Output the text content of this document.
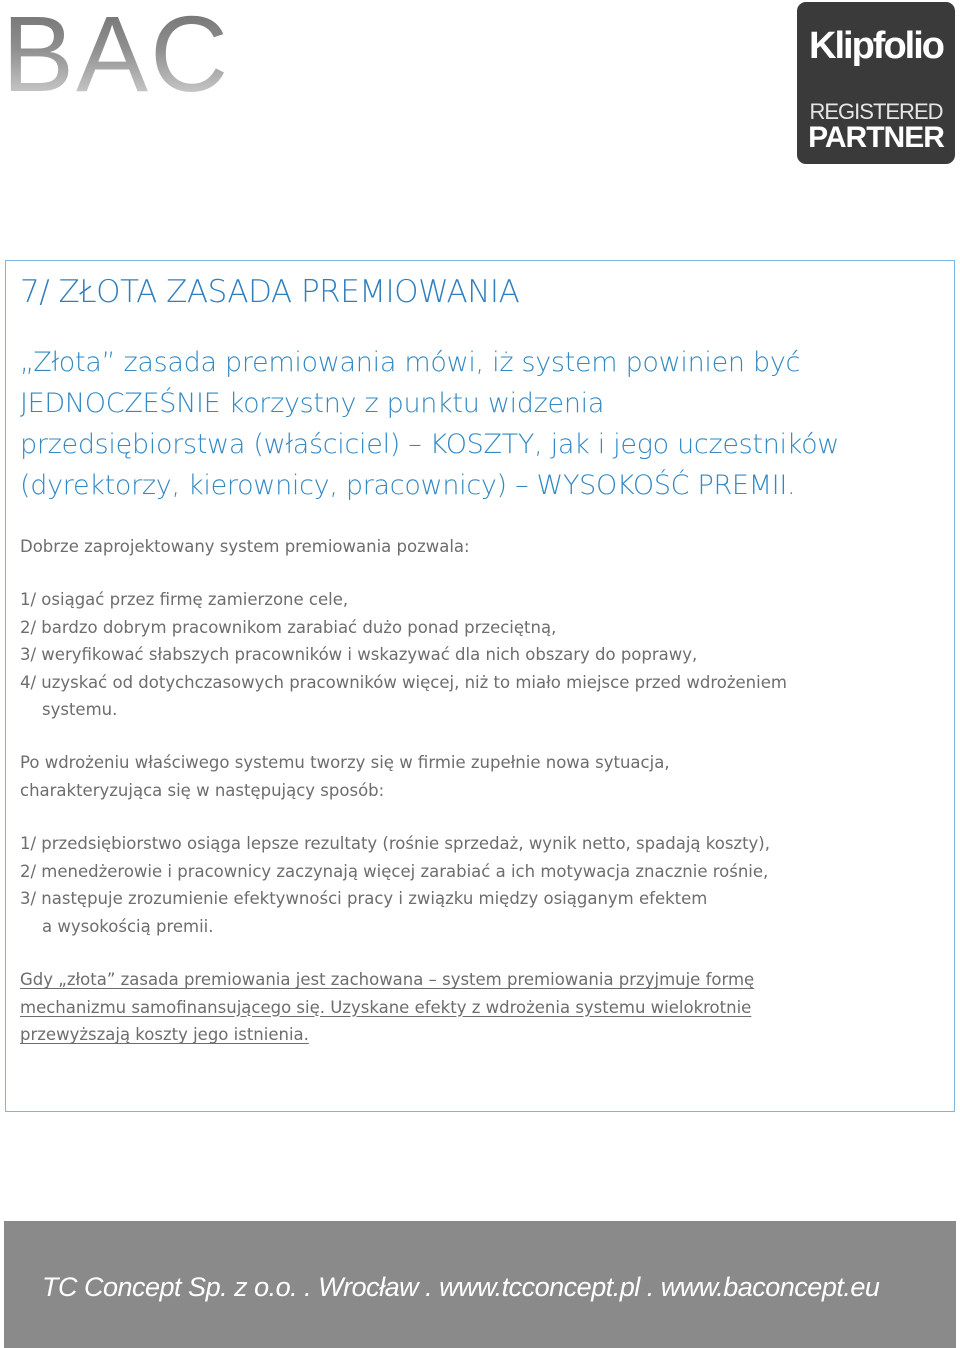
BAC	Klipfolio
REGISTERED
PARTNER
7/ ZŁOTA ZASADA PREMIOWANIA

„Złota” zasada premiowania mówi, iż system powinien być
JEDNOCZEŚNIE korzystny z punktu widzenia
przedsiębiorstwa (właściciel) – KOSZTY, jak i jego uczestników
(dyrektorzy, kierownicy, pracownicy) – WYSOKOŚĆ PREMII.

Dobrze zaprojektowany system premiowania pozwala:

1/ osiągać przez firmę zamierzone cele,
2/ bardzo dobrym pracownikom zarabiać dużo ponad przeciętną,
3/ weryfikować słabszych pracowników i wskazywać dla nich obszary do poprawy,
4/ uzyskać od dotychczasowych pracowników więcej, niż to miało miejsce przed wdrożeniem
systemu.

Po wdrożeniu właściwego systemu tworzy się w firmie zupełnie nowa sytuacja,
charakteryzująca się w następujący sposób:

1/ przedsiębiorstwo osiąga lepsze rezultaty (rośnie sprzedaż, wynik netto, spadają koszty),
2/ menedżerowie i pracownicy zaczynają więcej zarabiać a ich motywacja znacznie rośnie,
3/ następuje zrozumienie efektywności pracy i związku między osiąganym efektem
a wysokością premii.

Gdy „złota” zasada premiowania jest zachowana – system premiowania przyjmuje formę
mechanizmu samofinansującego się. Uzyskane efekty z wdrożenia systemu wielokrotnie
przewyższają koszty jego istnienia.

TC Concept Sp. z o.o. . Wrocław . www.tcconcept.pl . www.baconcept.eu
